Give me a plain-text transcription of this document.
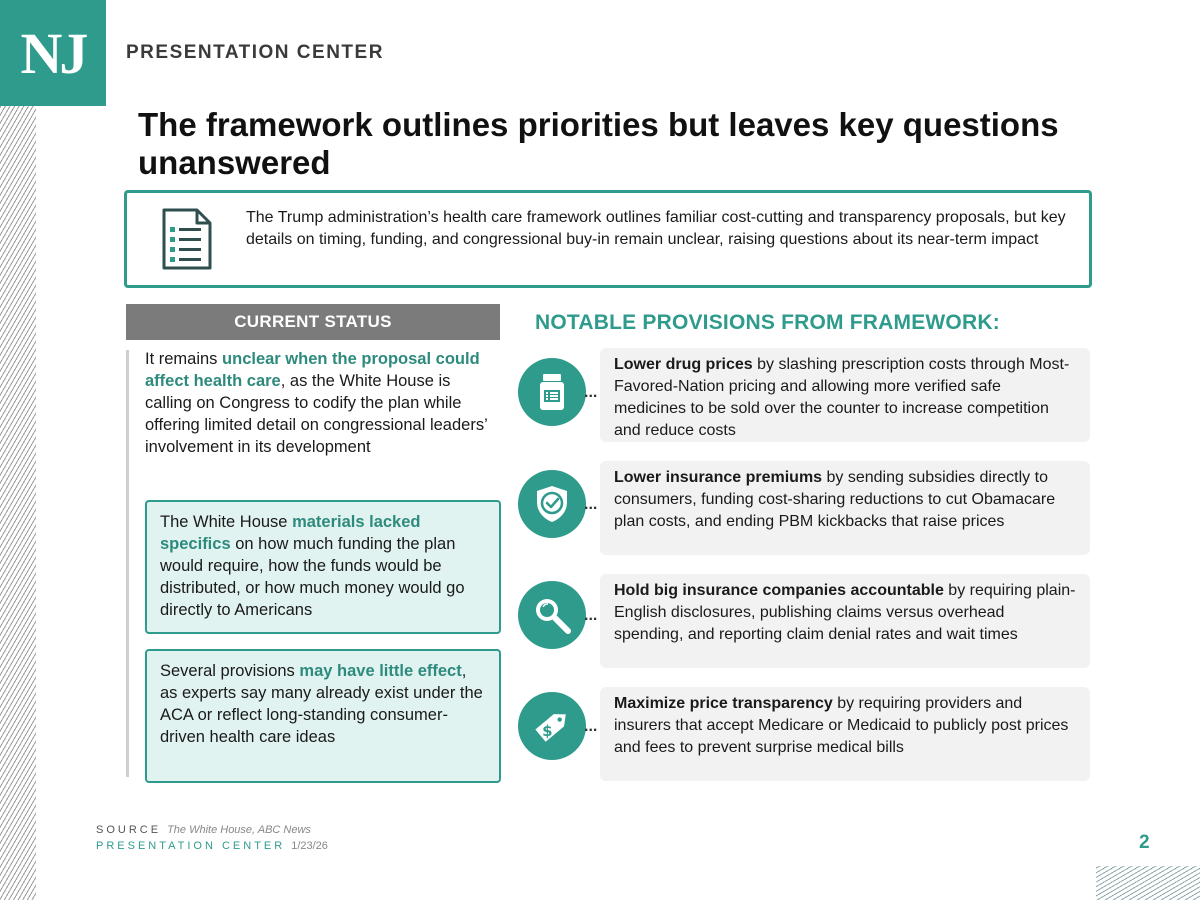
NJ	PRESENTATION CENTER
The framework outlines priorities but leaves key questions unanswered
The Trump administration’s health care framework outlines familiar cost-cutting and transparency proposals, but key details on timing, funding, and congressional buy-in remain unclear, raising questions about its near-term impact
CURRENT STATUS
It remains unclear when the proposal could affect health care, as the White House is calling on Congress to codify the plan while offering limited detail on congressional leaders’ involvement in its development
The White House materials lacked specifics on how much funding the plan would require, how the funds would be distributed, or how much money would go directly to Americans
Several provisions may have little effect, as experts say many already exist under the ACA or reflect long-standing consumer-driven health care ideas
NOTABLE PROVISIONS FROM FRAMEWORK:
...
Lower drug prices by slashing prescription costs through Most-Favored-Nation pricing and allowing more verified safe medicines to be sold over the counter to increase competition and reduce costs
...
Lower insurance premiums by sending subsidies directly to consumers, funding cost-sharing reductions to cut Obamacare plan costs, and ending PBM kickbacks that raise prices
...
Hold big insurance companies accountable by requiring plain-English disclosures, publishing claims versus overhead spending, and reporting claim denial rates and wait times
$ ...
Maximize price transparency by requiring providers and insurers that accept Medicare or Medicaid to publicly post prices and fees to prevent surprise medical bills
SOURCE The White House, ABC News
PRESENTATION CENTER 1/23/26	2
